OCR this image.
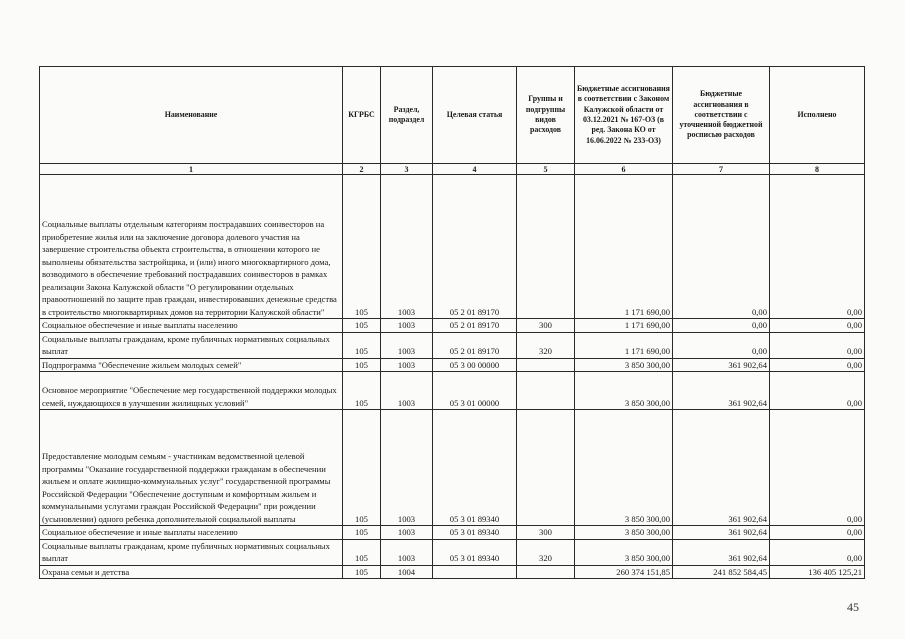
Наименование	КГРБС	Раздел, подраздел	Целевая статья	Группы и подгруппы видов расходов	Бюджетные ассигнования в соответствии с Законом Калужской области от 03.12.2021 № 167-ОЗ (в ред. Закона КО от 16.06.2022 № 233-ОЗ)	Бюджетные ассигнования в соответствии с уточненной бюджетной росписью расходов	Исполнено
1	2	3	4	5	6	7	8
Социальные выплаты отдельным категориям пострадавших соинвесторов на приобретение жилья или на заключение договора долевого участия на завершение строительства объекта строительства, в отношении которого не выполнены обязательства застройщика, и (или) иного многоквартирного дома, возводимого в обеспечение требований пострадавших соинвесторов в рамках реализации Закона Калужской области "О регулировании отдельных правоотношений по защите прав граждан, инвестировавших денежные средства в строительство многоквартирных домов на территории Калужской области"	105	1003	05 2 01 89170		1 171 690,00	0,00	0,00
Социальное обеспечение и иные выплаты населению	105	1003	05 2 01 89170	300	1 171 690,00	0,00	0,00
Социальные выплаты гражданам, кроме публичных нормативных социальных выплат	105	1003	05 2 01 89170	320	1 171 690,00	0,00	0,00
Подпрограмма "Обеспечение жильем молодых семей"	105	1003	05 3 00 00000		3 850 300,00	361 902,64	0,00
Основное мероприятие "Обеспечение мер государственной поддержки молодых семей, нуждающихся в улучшении жилищных условий"	105	1003	05 3 01 00000		3 850 300,00	361 902,64	0,00
Предоставление молодым семьям - участникам ведомственной целевой программы "Оказание государственной поддержки гражданам в обеспечении жильем и оплате жилищно-коммунальных услуг" государственной программы Российской Федерации "Обеспечение доступным и комфортным жильем и коммунальными услугами граждан Российской Федерации" при рождении (усыновлении) одного ребенка дополнительной социальной выплаты	105	1003	05 3 01 89340		3 850 300,00	361 902,64	0,00
Социальное обеспечение и иные выплаты населению	105	1003	05 3 01 89340	300	3 850 300,00	361 902,64	0,00
Социальные выплаты гражданам, кроме публичных нормативных социальных выплат	105	1003	05 3 01 89340	320	3 850 300,00	361 902,64	0,00
Охрана семьи и детства	105	1004			260 374 151,85	241 852 584,45	136 405 125,21
45
